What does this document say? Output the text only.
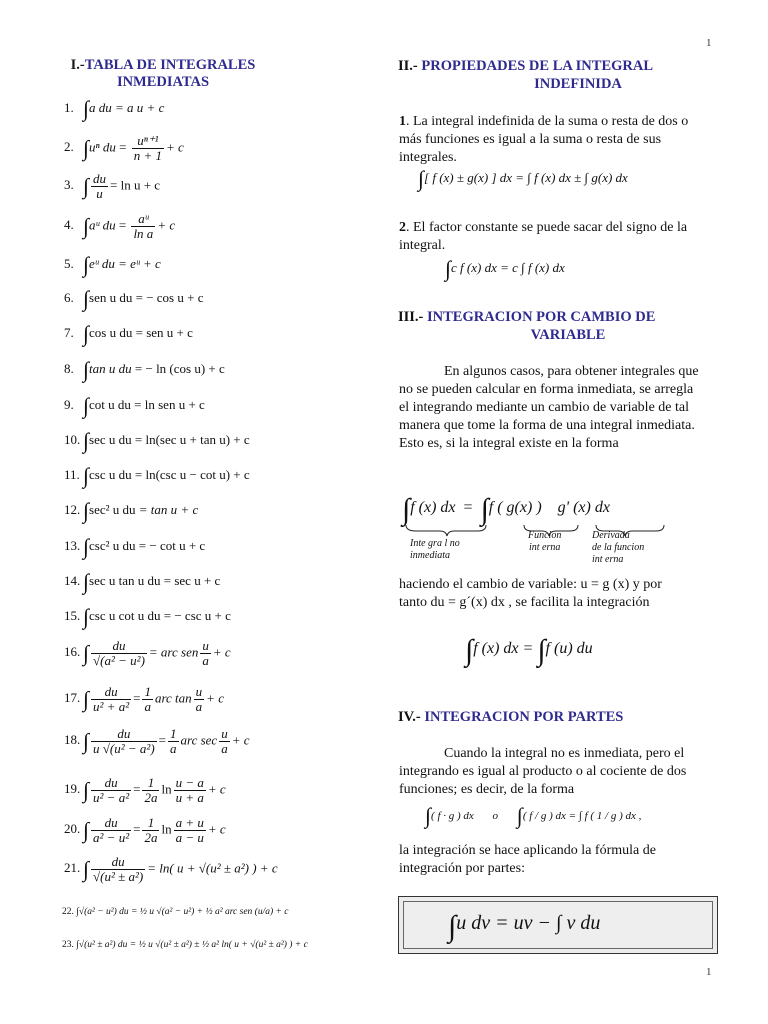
1
1
I.-TABLA DE INTEGRALES
INMEDIATAS
1. ∫a du = a u + c
2. ∫uⁿ du = $\frac{\text{uⁿ⁺¹}}{n + 1} + c$
3. ∫ $\frac{du}{u} = \ln u + c$
4. ∫aᵘ du = $\frac{\text{aᵘ}}{\text{ln a}} + c$
5. ∫eᵘ du = eᵘ + c
6. ∫sen u du = − cos u + c
7. ∫cos u du = sen u + c
8. ∫tan u du = − ln (cos u) + c
9. ∫cot u du = ln sen u + c
10. ∫sec u du = ln(sec u + tan u) + c
11. ∫csc u du = ln(csc u − cot u) + c
12. ∫sec² u du = tan u + c
13. ∫csc² u du = − cot u + c
14. ∫sec u tan u du = sec u + c
15. ∫csc u cot u du = − csc u + c
16. ∫ $\frac{du}{\text{√(a² − u²)}}$ = arc sen $\frac{u}{a} + c$
17. ∫ $\frac{du}{\text{u² + a²}} = \frac{1}{a}$ arc $\tan \frac{u}{a} + c$
18. ∫ $\frac{du}{\text{u √(u² − a²)}} = \frac{1}{a}$ arc $\sec \frac{u}{a} + c$
19. ∫ $\frac{du}{\text{u² − a²}} = \frac{1}{2a}$ $\ln \frac{u - a}{u + a} + c$
20. ∫ $\frac{du}{\text{a² − u²}} = \frac{1}{2a}$ $\ln \frac{a + u}{a - u} + c$
21. ∫ $\frac{du}{\text{√(u² ± a²)}} = \ln$( u + √(u² ± a²) ) + c
22. ∫√(a² − u²) du = ½ u √(a² − u²) + ½ a² arc sen (u/a) + c
23. ∫√(u² ± a²) du = ½ u √(u² ± a²) ± ½ a² ln( u + √(u² ± a²) ) + c
II.- PROPIEDADES DE LA INTEGRAL

INDEFINIDA
1. La integral indefinida de la suma o resta de dos o más funciones es igual a la suma o resta de sus integrales.
∫[ f (x) ± g(x) ] dx = ∫ f (x) dx ± ∫ g(x) dx
2. El factor constante se puede sacar del signo de la integral.
∫c f (x) dx = c ∫ f (x) dx
III.- INTEGRACION POR CAMBIO DE

VARIABLE
En algunos casos, para obtener integrales que no se pueden calcular en forma inmediata, se arregla el integrando mediante un cambio de variable de tal manera que tome la forma de una integral inmediata. Esto es, si la integral existe en la forma
∫f (x) dx = ∫f ( g(x) ) g' (x) dx
Inte gra l no
inmediata
Funcion
int erna
Derivada
de la funcion
int erna
haciendo el cambio de variable: u = g (x) y por
tanto du = g´(x) dx , se facilita la integración
∫f (x) dx = ∫f (u) du
IV.- INTEGRACION POR PARTES
Cuando la integral no es inmediata, pero el integrando es igual al producto o al cociente de dos funciones; es decir, de la forma
∫( f · g ) dx o ∫( f / g ) dx = ∫ f ( 1 / g ) dx ,
la integración se hace aplicando la fórmula de integración por partes:
∫u dv = uv − ∫ v du
